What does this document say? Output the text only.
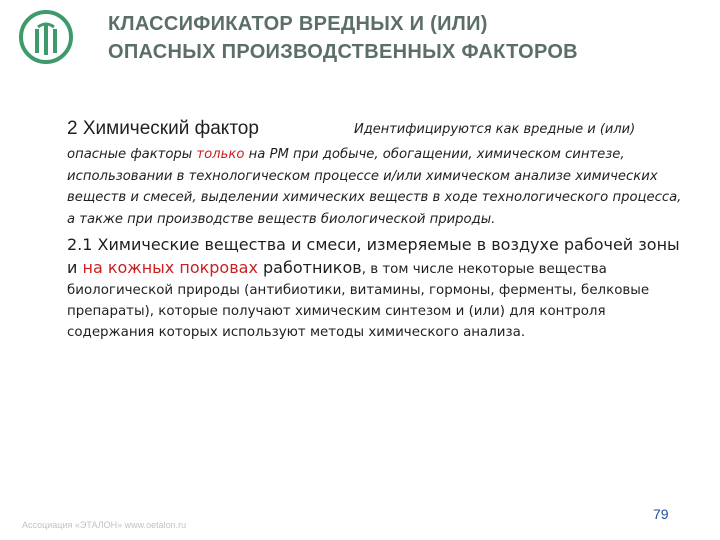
КЛАССИФИКАТОР ВРЕДНЫХ И (ИЛИ)
ОПАСНЫХ ПРОИЗВОДСТВЕННЫХ ФАКТОРОВ
2 Химический фактор	Идентифицируются как вредные и (или)
опасные факторы только на РМ при добыче, обогащении, химическом синтезе, использовании в технологическом процессе и/или химическом анализе химических веществ и смесей, выделении химических веществ в ходе технологического процесса, а также при производстве веществ биологической природы.
2.1 Химические вещества и смеси, измеряемые в воздухе рабочей зоны и на кожных покровах работников, в том числе некоторые вещества биологической природы (антибиотики, витамины, гормоны, ферменты, белковые препараты), которые получают химическим синтезом и (или) для контроля содержания которых используют методы химического анализа.
Ассоциация «ЭТАЛОН» www.oetalon.ru
79
